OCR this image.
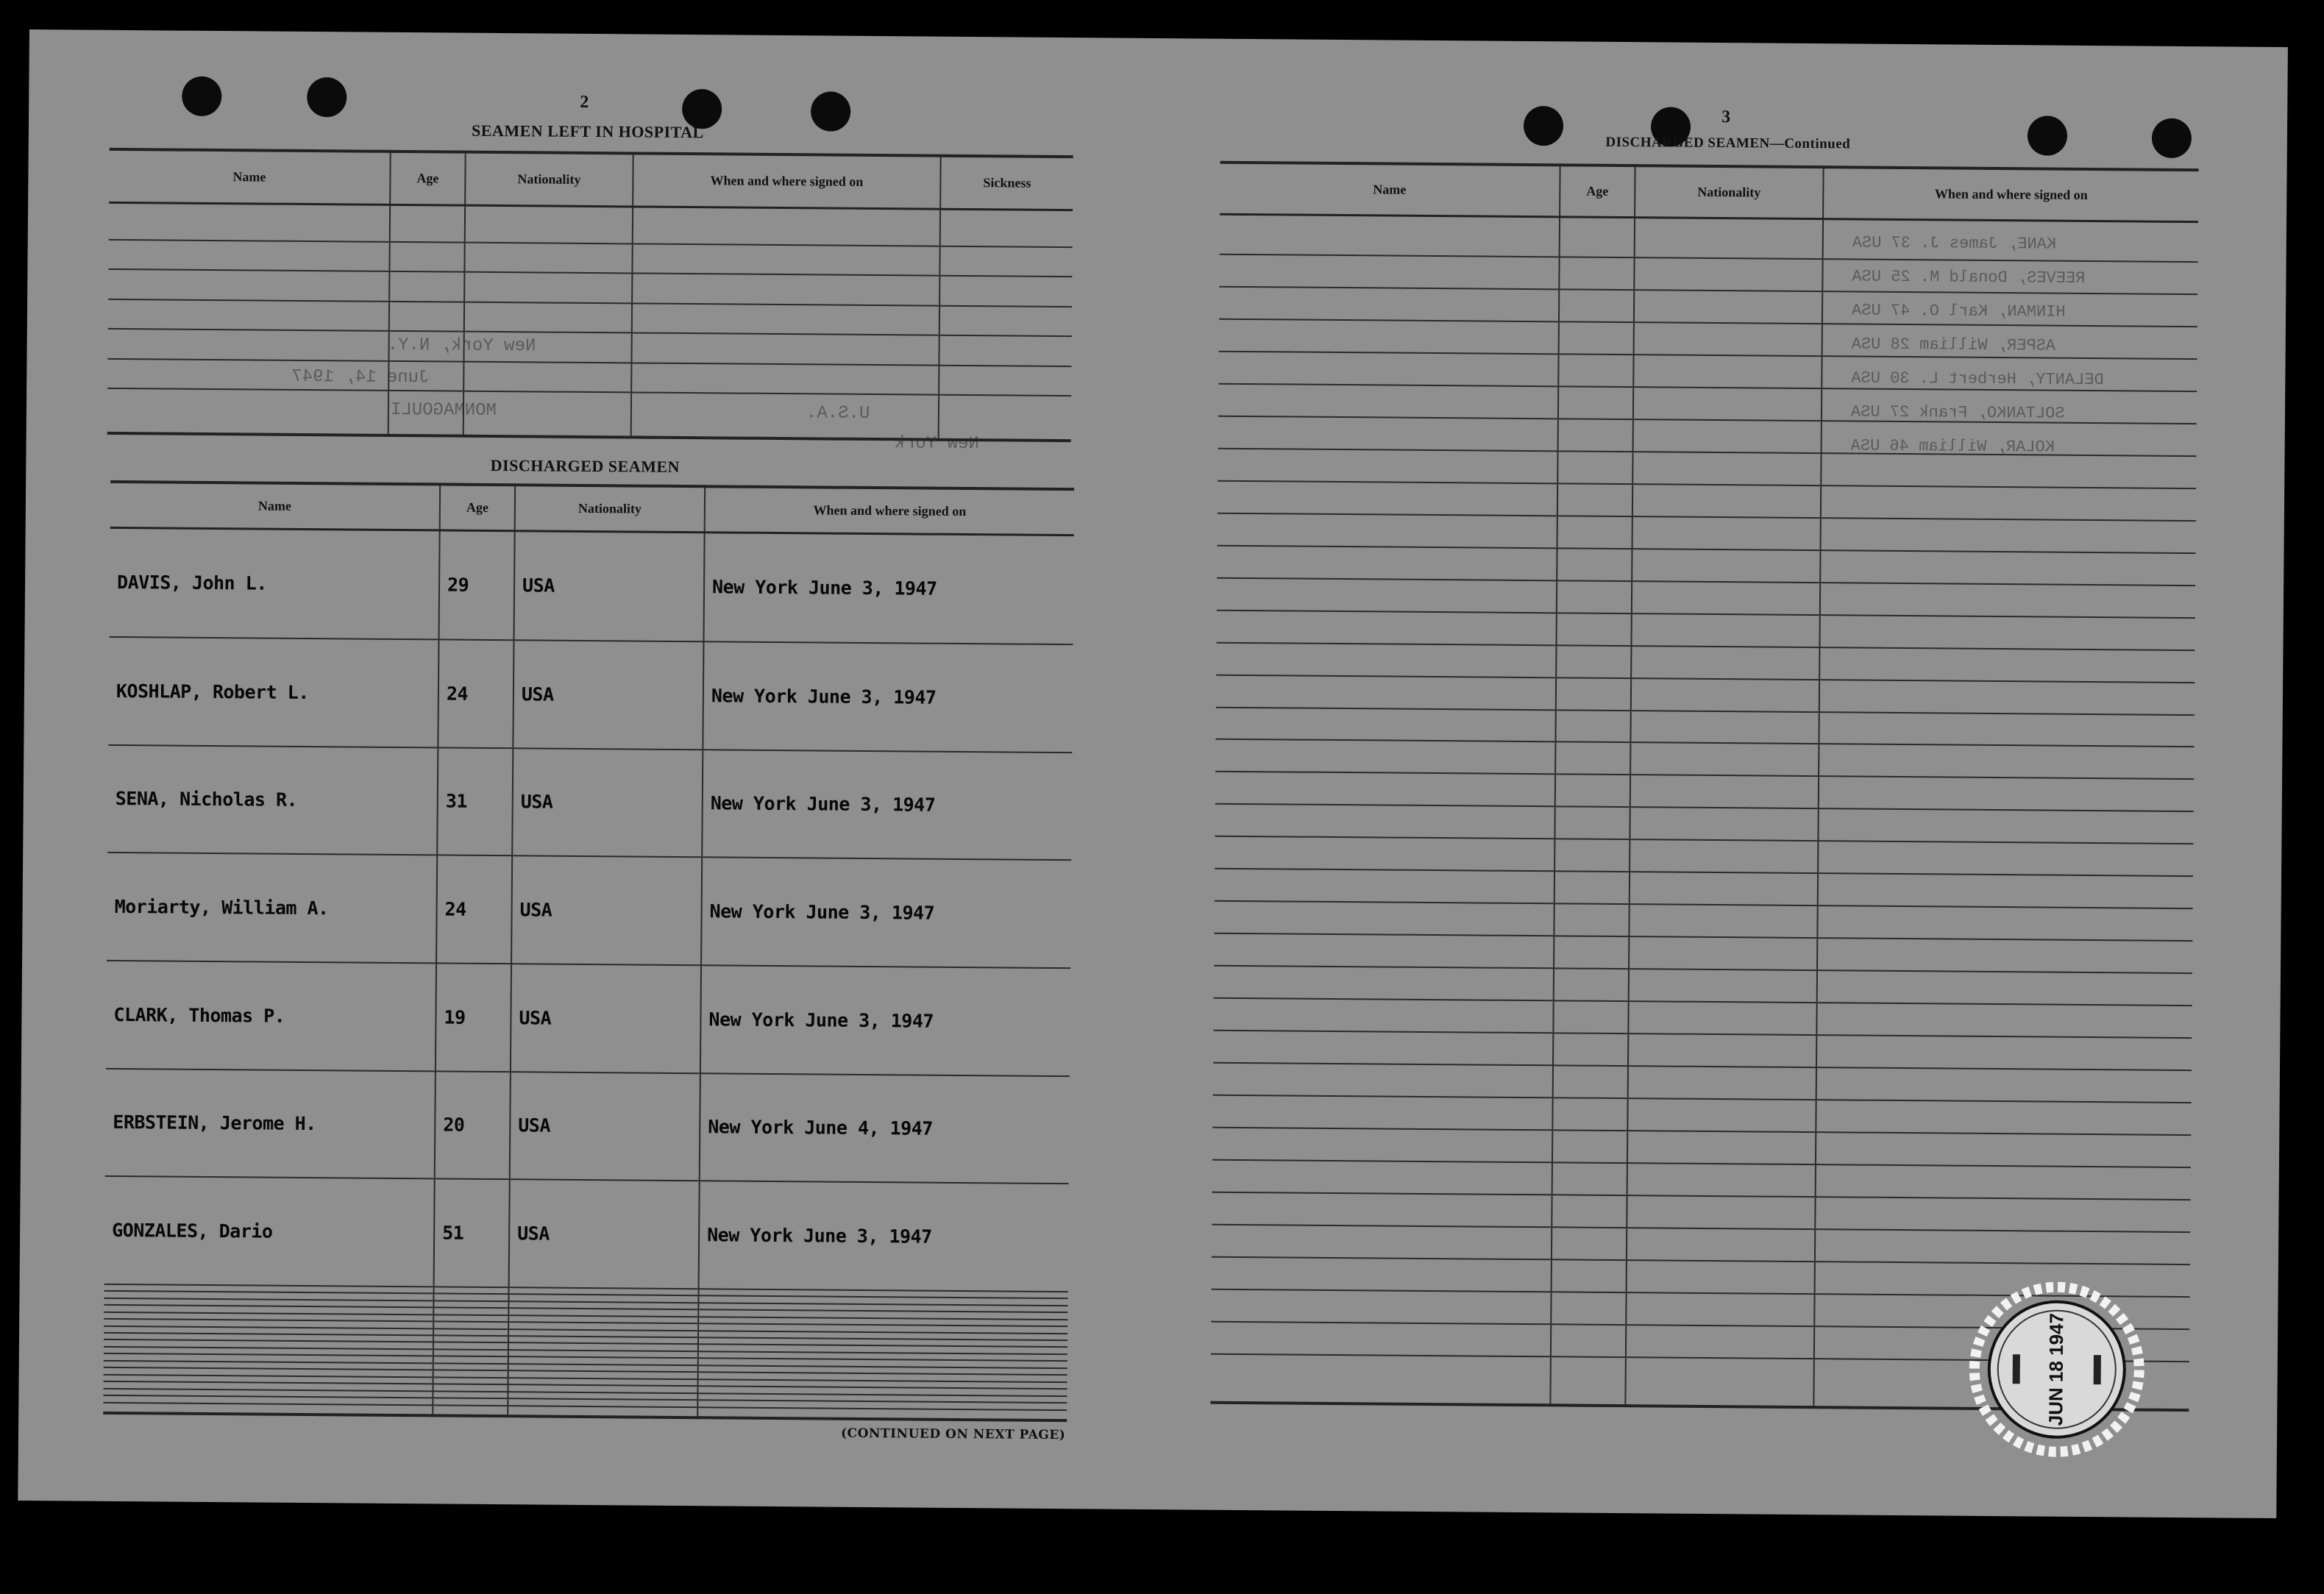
2
SEAMEN LEFT IN HOSPITAL
New York, N.Y.
June 14, 1947
MONMAGOULI	U.S.A.
New York
Name	Age	Nationality	When and where signed on	Sickness

DISCHARGED SEAMEN
Name	Age	Nationality	When and where signed on
DAVIS, John L.	29	USA	New York June 3, 1947
KOSHLAP, Robert L.	24	USA	New York June 3, 1947
SENA, Nicholas R.	31	USA	New York June 3, 1947
Moriarty, William A.	24	USA	New York June 3, 1947
CLARK, Thomas P.	19	USA	New York June 3, 1947
ERBSTEIN, Jerome H.	20	USA	New York June 4, 1947
GONZALES, Dario	51	USA	New York June 3, 1947

(CONTINUED ON NEXT PAGE)
3
DISCHARGED SEAMEN—Continued
Name	Age	Nationality	When and where signed on

KANE, James J. 37 USA
REEVES, Donald M. 25 USA
HINMAN, Karl O. 47 USA
ASPER, William 28 USA
DELANTY, Herbert L. 30 USA
SOLTANKO, Frank 27 USA
KOLAR, William 46 USA
JUN 18 1947
